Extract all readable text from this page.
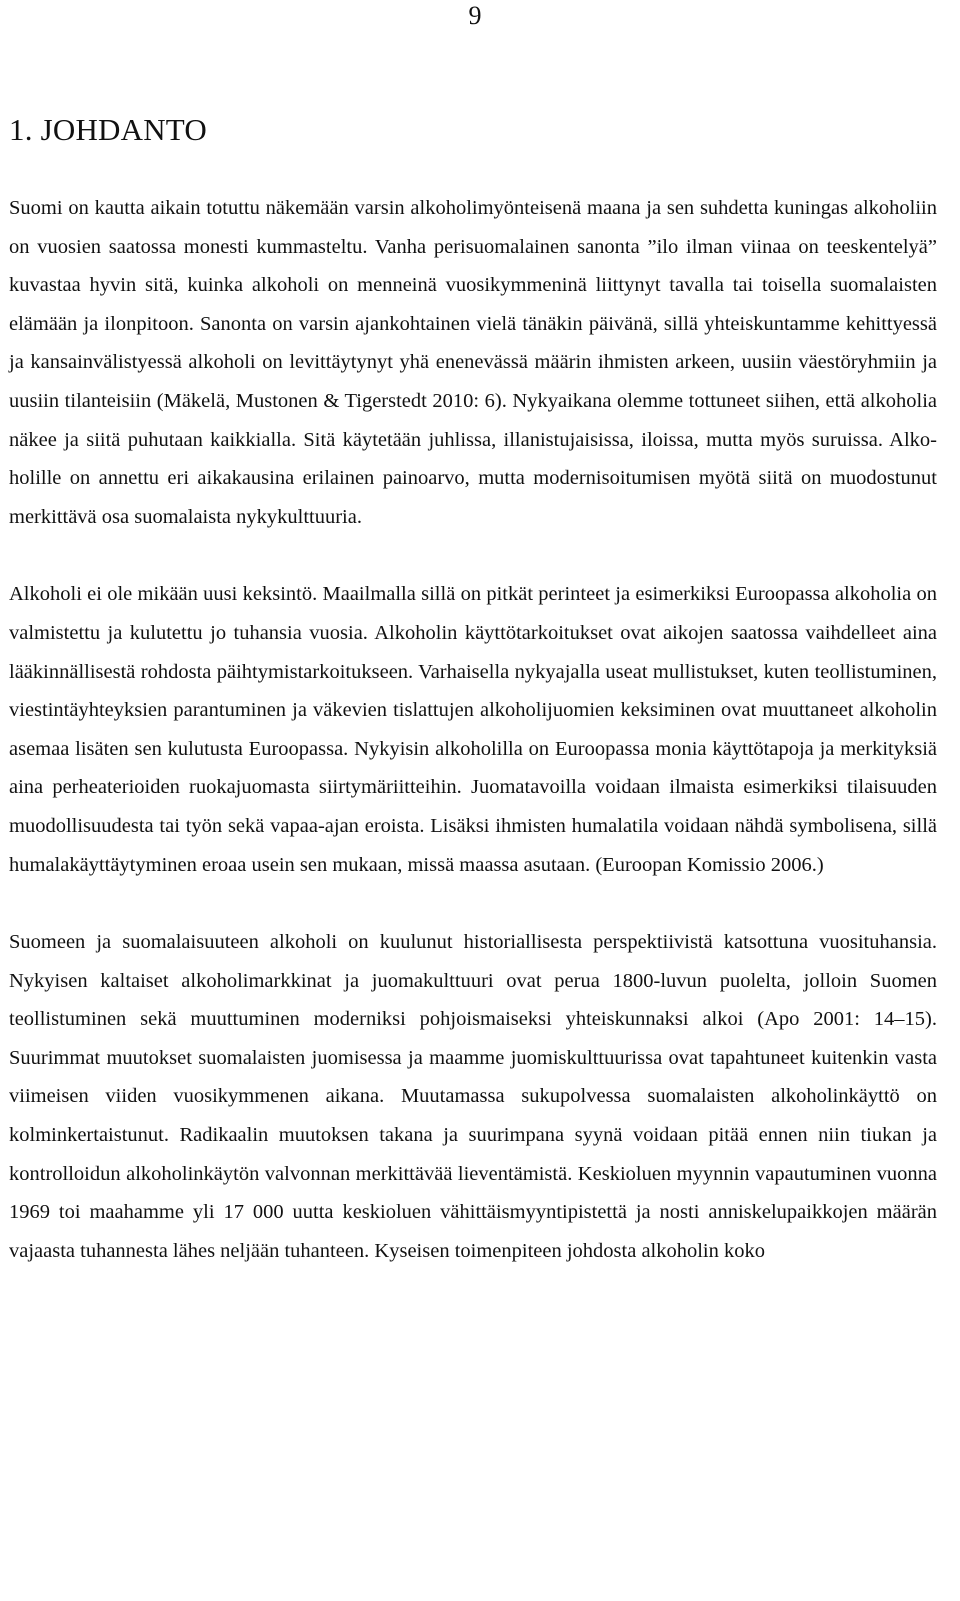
9
1. JOHDANTO

Suomi on kautta aikain totuttu näkemään varsin alkoholimyönteisenä maana ja sen suhdetta kuningas alkoholiin on vuosien saatossa monesti kummasteltu. Vanha perisuomalainen sanonta ”ilo ilman viinaa on teeskentelyä” kuvastaa hyvin sitä, kuinka alkoholi on menneinä vuosikymmeninä liittynyt tavalla tai toisella suomalaisten elämään ja ilonpitoon. Sanonta on varsin ajankohtainen vielä tänäkin päivänä, sillä yhteiskuntamme kehittyessä ja kansainvälistyessä alkoholi on levittäytynyt yhä enenevässä määrin ihmisten arkeen, uusiin väestöryhmiin ja uusiin tilanteisiin (Mäkelä, Mustonen & Tigerstedt 2010: 6). Nykyaikana olemme tottuneet siihen, että alkoholia näkee ja siitä puhutaan kaikkialla. Sitä käytetään juhlissa, illanistujaisissa, iloissa, mutta myös suruissa. Alkoholille on annettu eri aikakausina erilainen painoarvo, mutta modernisoitumisen myötä siitä on muodostunut merkittävä osa suomalaista nykykulttuuria.

Alkoholi ei ole mikään uusi keksintö. Maailmalla sillä on pitkät perinteet ja esimerkiksi Euroopassa alkoholia on valmistettu ja kulutettu jo tuhansia vuosia. Alkoholin käyttötarkoitukset ovat aikojen saatossa vaihdelleet aina lääkinnällisestä rohdosta päihtymistarkoitukseen. Varhaisella nykyajalla useat mullistukset, kuten teollistuminen, viestintäyhteyksien parantuminen ja väkevien tislattujen alkoholijuomien keksiminen ovat muuttaneet alkoholin asemaa lisäten sen kulutusta Euroopassa. Nykyisin alkoholilla on Euroopassa monia käyttötapoja ja merkityksiä aina perheaterioiden ruokajuomasta siirtymäriitteihin. Juomatavoilla voidaan ilmaista esimerkiksi tilaisuuden muodollisuudesta tai työn sekä vapaa-ajan eroista. Lisäksi ihmisten humalatila voidaan nähdä symbolisena, sillä humalakäyttäytyminen eroaa usein sen mukaan, missä maassa asutaan. (Euroopan Komissio 2006.)

Suomeen ja suomalaisuuteen alkoholi on kuulunut historiallisesta perspektiivistä katsottuna vuosituhansia. Nykyisen kaltaiset alkoholimarkkinat ja juomakulttuuri ovat perua 1800-luvun puolelta, jolloin Suomen teollistuminen sekä muuttuminen moderniksi pohjoismaiseksi yhteiskunnaksi alkoi (Apo 2001: 14–15). Suurimmat muutokset suomalaisten juomisessa ja maamme juomiskulttuurissa ovat tapahtuneet kuitenkin vasta viimeisen viiden vuosikymmenen aikana. Muutamassa sukupolvessa suomalaisten alkoholinkäyttö on kolminkertaistunut. Radikaalin muutoksen takana ja suurimpana syynä voidaan pitää ennen niin tiukan ja kontrolloidun alkoholinkäytön valvonnan merkittävää lieventämistä. Keskioluen myynnin vapautuminen vuonna 1969 toi maahamme yli 17 000 uutta keskioluen vähittäismyyntipistettä ja nosti anniskelupaikkojen määrän vajaasta tuhannesta lähes neljään tuhanteen. Kyseisen toimenpiteen johdosta alkoholin koko
